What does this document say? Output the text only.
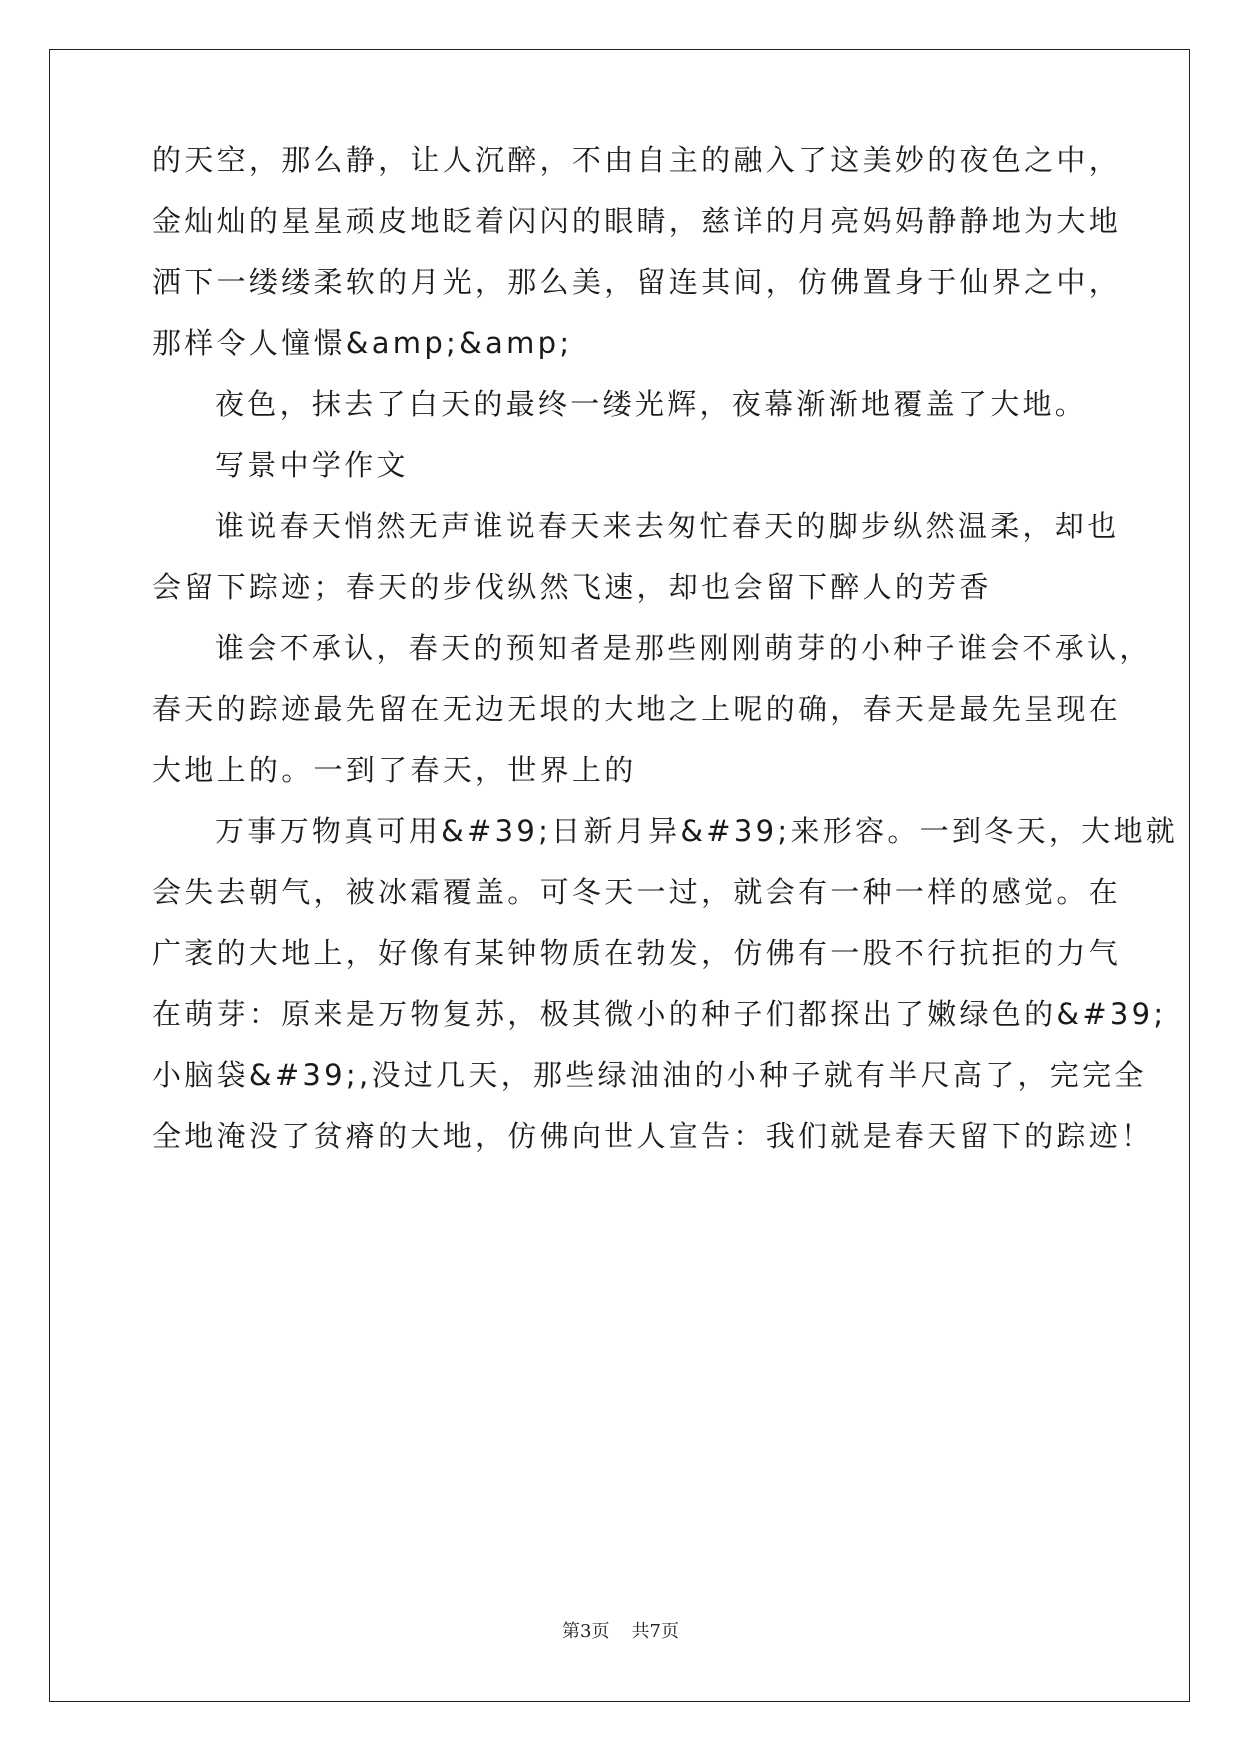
的天空，那么静，让人沉醉，不由自主的融入了这美妙的夜色之中，
金灿灿的星星顽皮地眨着闪闪的眼睛，慈详的月亮妈妈静静地为大地
洒下一缕缕柔软的月光，那么美，留连其间，仿佛置身于仙界之中，
那样令人憧憬&amp;&amp;
夜色，抹去了白天的最终一缕光辉，夜幕渐渐地覆盖了大地。
写景中学作文
谁说春天悄然无声谁说春天来去匆忙春天的脚步纵然温柔，却也
会留下踪迹；春天的步伐纵然飞速，却也会留下醉人的芳香
谁会不承认，春天的预知者是那些刚刚萌芽的小种子谁会不承认，
春天的踪迹最先留在无边无垠的大地之上呢的确，春天是最先呈现在
大地上的。一到了春天，世界上的
万事万物真可用&#39;日新月异&#39;来形容。一到冬天，大地就
会失去朝气，被冰霜覆盖。可冬天一过，就会有一种一样的感觉。在
广袤的大地上，好像有某钟物质在勃发，仿佛有一股不行抗拒的力气
在萌芽：原来是万物复苏，极其微小的种子们都探出了嫩绿色的&#39;
小脑袋&#39;,没过几天，那些绿油油的小种子就有半尺高了，完完全
全地淹没了贫瘠的大地，仿佛向世人宣告：我们就是春天留下的踪迹！
第3页 共7页
